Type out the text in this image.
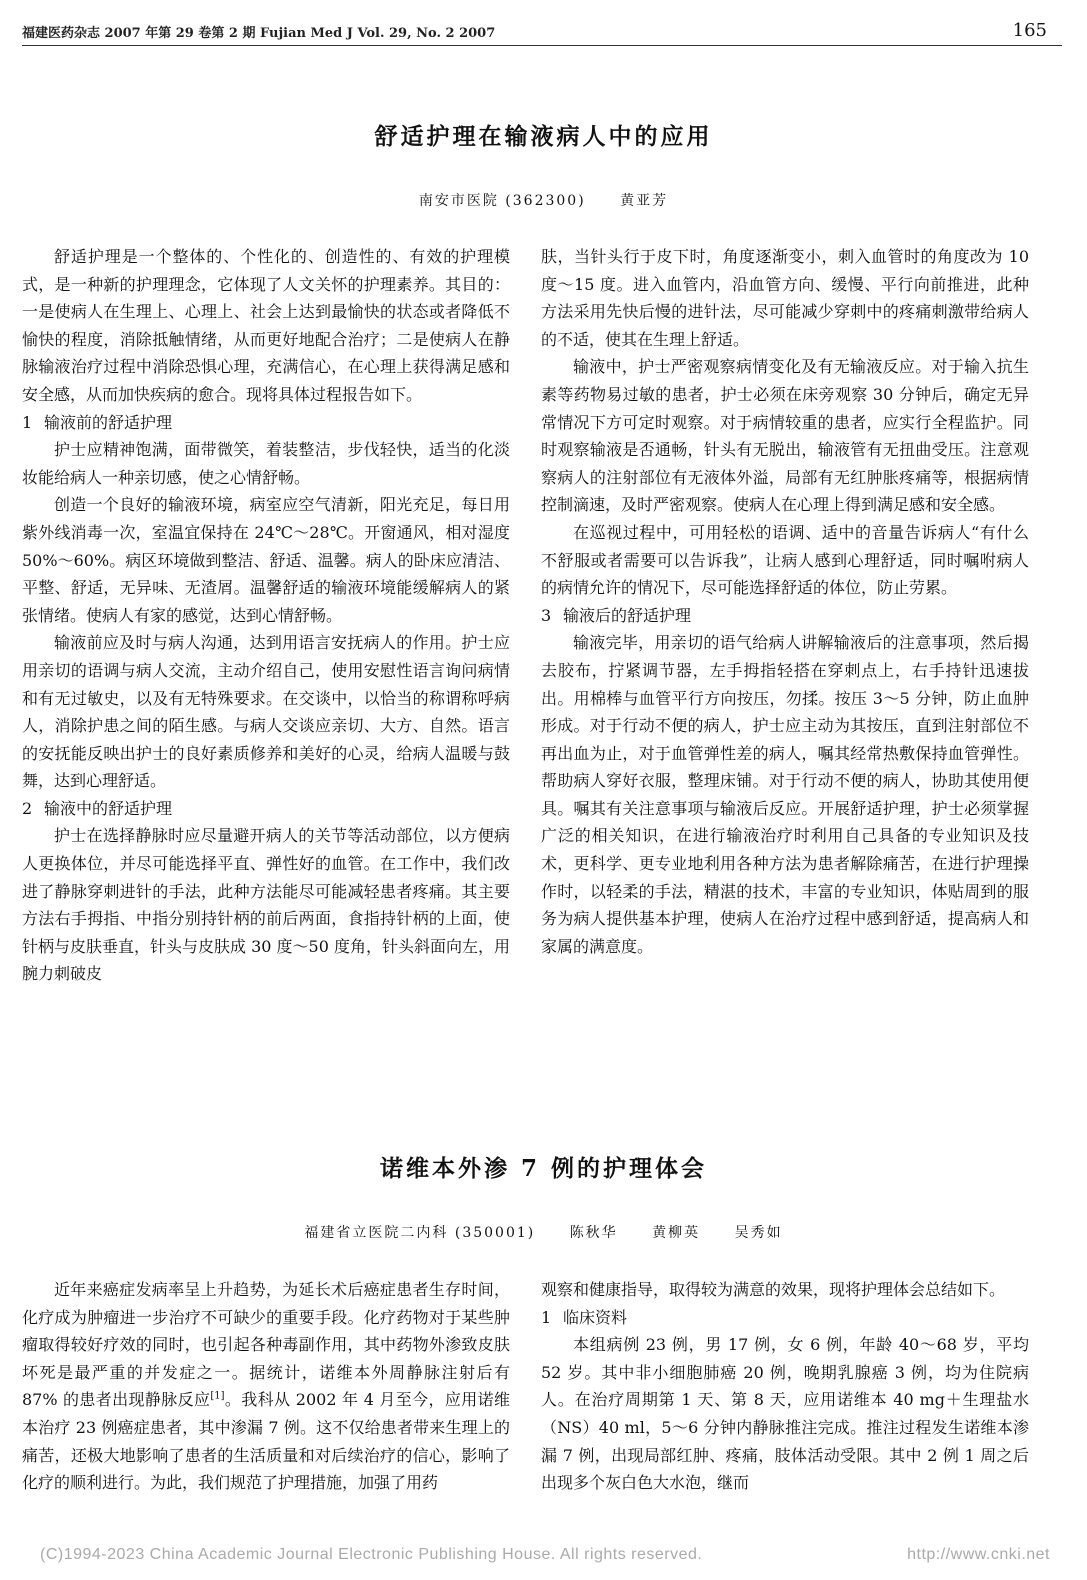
福建医药杂志 2007 年第 29 卷第 2 期 Fujian Med J Vol. 29, No. 2 2007	165
舒适护理在输液病人中的应用
南安市医院 (362300) 黄亚芳

舒适护理是一个整体的、个性化的、创造性的、有效的护理模式，是一种新的护理理念，它体现了人文关怀的护理素养。其目的：一是使病人在生理上、心理上、社会上达到最愉快的状态或者降低不愉快的程度，消除抵触情绪，从而更好地配合治疗；二是使病人在静脉输液治疗过程中消除恐惧心理，充满信心，在心理上获得满足感和安全感，从而加快疾病的愈合。现将具体过程报告如下。

1 输液前的舒适护理

护士应精神饱满，面带微笑，着装整洁，步伐轻快，适当的化淡妆能给病人一种亲切感，使之心情舒畅。

创造一个良好的输液环境，病室应空气清新，阳光充足，每日用紫外线消毒一次，室温宜保持在 24℃～28℃。开窗通风，相对湿度 50%～60%。病区环境做到整洁、舒适、温馨。病人的卧床应清洁、平整、舒适，无异味、无渣屑。温馨舒适的输液环境能缓解病人的紧张情绪。使病人有家的感觉，达到心情舒畅。

输液前应及时与病人沟通，达到用语言安抚病人的作用。护士应用亲切的语调与病人交流，主动介绍自己，使用安慰性语言询问病情和有无过敏史，以及有无特殊要求。在交谈中，以恰当的称谓称呼病人，消除护患之间的陌生感。与病人交谈应亲切、大方、自然。语言的安抚能反映出护士的良好素质修养和美好的心灵，给病人温暖与鼓舞，达到心理舒适。

2 输液中的舒适护理

护士在选择静脉时应尽量避开病人的关节等活动部位，以方便病人更换体位，并尽可能选择平直、弹性好的血管。在工作中，我们改进了静脉穿刺进针的手法，此种方法能尽可能减轻患者疼痛。其主要方法右手拇指、中指分别持针柄的前后两面，食指持针柄的上面，使针柄与皮肤垂直，针头与皮肤成 30 度～50 度角，针头斜面向左，用腕力刺破皮

肤，当针头行于皮下时，角度逐渐变小，刺入血管时的角度改为 10 度～15 度。进入血管内，沿血管方向、缓慢、平行向前推进，此种方法采用先快后慢的进针法，尽可能减少穿刺中的疼痛刺激带给病人的不适，使其在生理上舒适。

输液中，护士严密观察病情变化及有无输液反应。对于输入抗生素等药物易过敏的患者，护士必须在床旁观察 30 分钟后，确定无异常情况下方可定时观察。对于病情较重的患者，应实行全程监护。同时观察输液是否通畅，针头有无脱出，输液管有无扭曲受压。注意观察病人的注射部位有无液体外溢，局部有无红肿胀疼痛等，根据病情控制滴速，及时严密观察。使病人在心理上得到满足感和安全感。

在巡视过程中，可用轻松的语调、适中的音量告诉病人“有什么不舒服或者需要可以告诉我”，让病人感到心理舒适，同时嘱咐病人的病情允许的情况下，尽可能选择舒适的体位，防止劳累。

3 输液后的舒适护理

输液完毕，用亲切的语气给病人讲解输液后的注意事项，然后揭去胶布，拧紧调节器，左手拇指轻搭在穿刺点上，右手持针迅速拔出。用棉棒与血管平行方向按压，勿揉。按压 3～5 分钟，防止血肿形成。对于行动不便的病人，护士应主动为其按压，直到注射部位不再出血为止，对于血管弹性差的病人，嘱其经常热敷保持血管弹性。帮助病人穿好衣服，整理床铺。对于行动不便的病人，协助其使用便具。嘱其有关注意事项与输液后反应。开展舒适护理，护士必须掌握广泛的相关知识，在进行输液治疗时利用自己具备的专业知识及技术，更科学、更专业地利用各种方法为患者解除痛苦，在进行护理操作时，以轻柔的手法，精湛的技术，丰富的专业知识，体贴周到的服务为病人提供基本护理，使病人在治疗过程中感到舒适，提高病人和家属的满意度。

诺维本外渗 7 例的护理体会
福建省立医院二内科 (350001) 陈秋华 黄柳英 吴秀如

近年来癌症发病率呈上升趋势，为延长术后癌症患者生存时间，化疗成为肿瘤进一步治疗不可缺少的重要手段。化疗药物对于某些肿瘤取得较好疗效的同时，也引起各种毒副作用，其中药物外渗致皮肤坏死是最严重的并发症之一。据统计，诺维本外周静脉注射后有 87% 的患者出现静脉反应[1]。我科从 2002 年 4 月至今，应用诺维本治疗 23 例癌症患者，其中渗漏 7 例。这不仅给患者带来生理上的痛苦，还极大地影响了患者的生活质量和对后续治疗的信心，影响了化疗的顺利进行。为此，我们规范了护理措施，加强了用药

观察和健康指导，取得较为满意的效果，现将护理体会总结如下。

1 临床资料

本组病例 23 例，男 17 例，女 6 例，年龄 40～68 岁，平均 52 岁。其中非小细胞肺癌 20 例，晚期乳腺癌 3 例，均为住院病人。在治疗周期第 1 天、第 8 天，应用诺维本 40 mg＋生理盐水（NS）40 ml，5～6 分钟内静脉推注完成。推注过程发生诺维本渗漏 7 例，出现局部红肿、疼痛，肢体活动受限。其中 2 例 1 周之后出现多个灰白色大水泡，继而

(C)1994-2023 China Academic Journal Electronic Publishing House. All rights reserved.	http://www.cnki.net
